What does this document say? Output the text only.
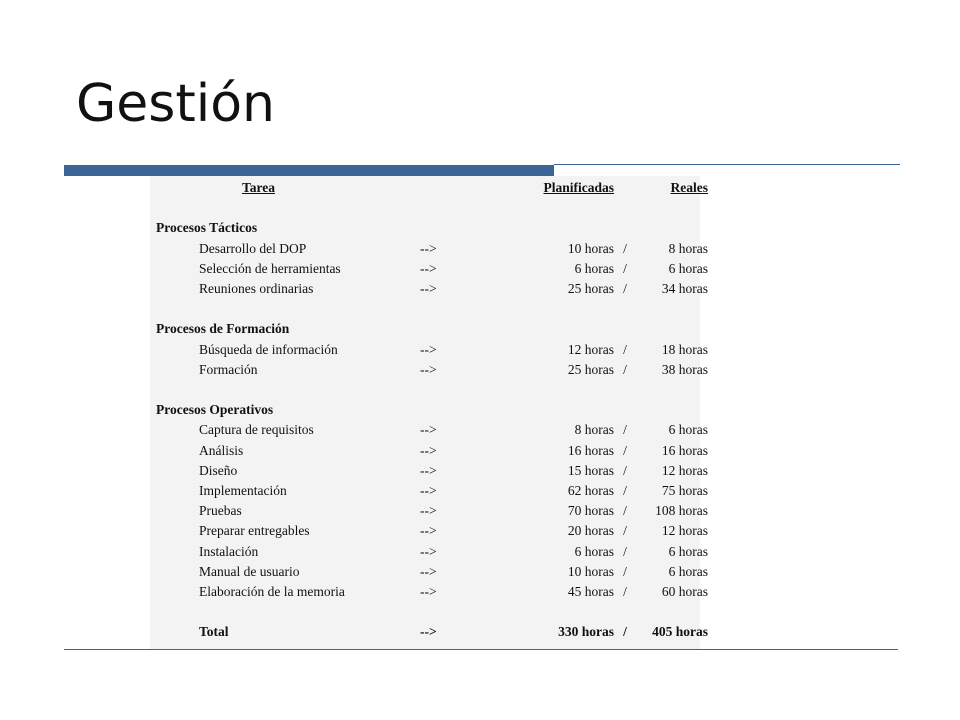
Gestión
Tarea		Planificadas		Reales

Procesos Tácticos				
Desarrollo del DOP	-->	10 horas	/	8 horas
Selección de herramientas	-->	6 horas	/	6 horas
Reuniones ordinarias	-->	25 horas	/	34 horas

Procesos de Formación				
Búsqueda de información	-->	12 horas	/	18 horas
Formación	-->	25 horas	/	38 horas

Procesos Operativos				
Captura de requisitos	-->	8 horas	/	6 horas
Análisis	-->	16 horas	/	16 horas
Diseño	-->	15 horas	/	12 horas
Implementación	-->	62 horas	/	75 horas
Pruebas	-->	70 horas	/	108 horas
Preparar entregables	-->	20 horas	/	12 horas
Instalación	-->	6 horas	/	6 horas
Manual de usuario	-->	10 horas	/	6 horas
Elaboración de la memoria	-->	45 horas	/	60 horas

Total	-->	330 horas	/	405 horas
